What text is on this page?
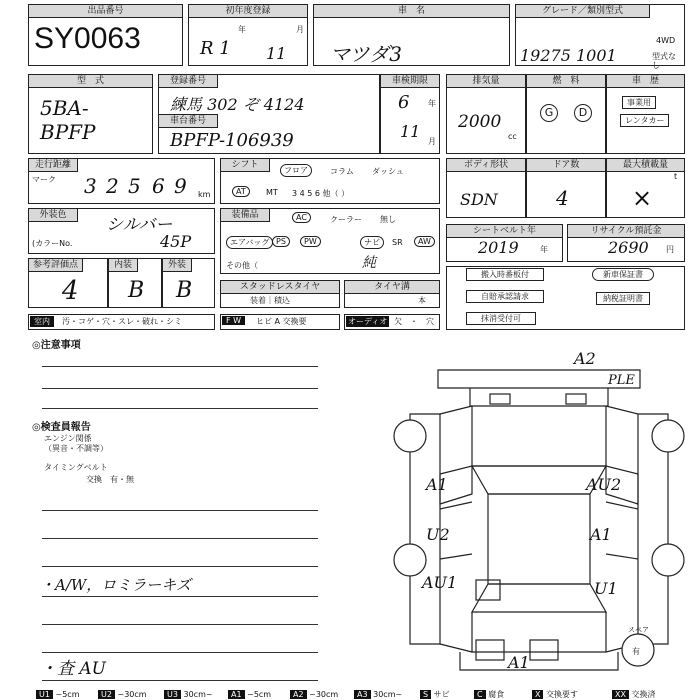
出品番号
SY0063
初年度登録
R 1
年	月
11
車　名
マツダ3
グレード／類別型式
19275 1001
4WD
型式なし
型　式
5BA-BPFP
登録番号
練馬 302 ぞ 4124
車台番号
BPFP-106939
車検期限
6 年
11
月
排気量
2000
cc
燃　料
G	D
車　歴
事業用
レンタカー
走行距離
マーク 3 2 5 6 9 km
シフト
フロア	コラム ダッシュ
AT	MT 3 4 5 6 他（ ）
ボディ形状
SDN
ドア数
4
最大積載量
t
×
外装色	シルバー
(カラーNo.	45P
装備品	AC	クーラー 無し
エアバッグ PS	PW	ナビ	SR	AW
その他（	純
シートベルト年
2019	年
リサイクル預託金
2690 円
参考評価点
4
内装
B
外装
B	スタッドレスタイヤ
装着｜積込
タイヤ溝
本
搬入時番板付
自賠承認請求
抹消受付可
新車保証書
納税証明書
室内	汚・コゲ・穴・スレ・破れ・シミ	F W	ヒビ A 交換要	オーディオ 欠　・　穴
◎注意事項
◎検査員報告
エンジン関係（異音・不調等）
タイミングベルト
交換　有・無
・A/W，ロミラーキズ
・査 AU
A2
PLE
A1	AU2
U2	A1
AU1	U1
A1
スペア
有
U1 ~5cm	U2 ~30cm	U3 30cm~	A1 ~5cm	A2 ~30cm	A3 30cm~	S サビ	C 腐食	X 交換要す	XX 交換済
